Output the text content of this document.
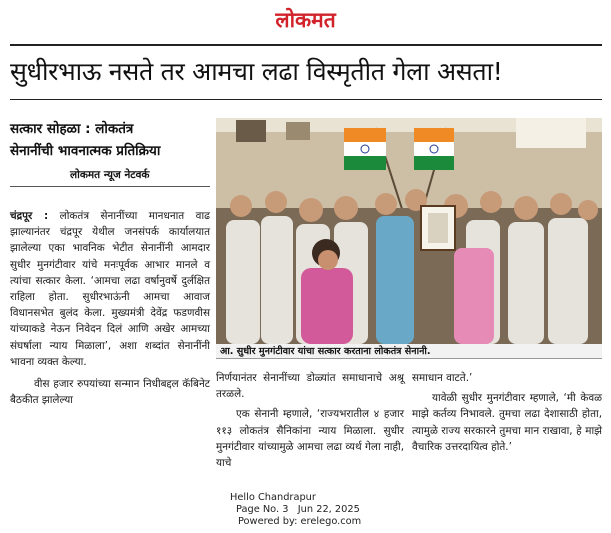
लोकमत
सुधीरभाऊ नसते तर आमचा लढा विस्मृतीत गेला असता!
सत्कार सोहळा : लोकतंत्र
सेनानींची भावनात्मक प्रतिक्रिया
लोकमत न्यूज नेटवर्क

चंद्रपूर : लोकतंत्र सेनानींच्या मानधनात वाढ झाल्यानंतर चंद्रपूर येथील जनसंपर्क कार्यालयात झालेल्या एका भावनिक भेटीत सेनानींनी आमदार सुधीर मुनगंटीवार यांचे मनःपूर्वक आभार मानले व त्यांचा सत्कार केला. ‘आमचा लढा वर्षानुवर्षे दुर्लक्षित राहिला होता. सुधीरभाऊंनी आमचा आवाज विधानसभेत बुलंद केला. मुख्यमंत्री देवेंद्र फडणवीस यांच्याकडे नेऊन निवेदन दिलं आणि अखेर आमच्या संघर्षाला न्याय मिळाला’, अशा शब्दांत सेनानींनी भावना व्यक्त केल्या.

वीस हजार रुपयांच्या सन्मान निधीबद्दल कॅबिनेट बैठकीत झालेल्या

आ. सुधीर मुनगंटीवार यांचा सत्कार करताना लोकतंत्र सेनानी.

निर्णयानंतर सेनानींच्या डोळ्यांत समाधानाचे अश्रू तरळले.

एक सेनानी म्हणाले, ‘राज्यभरातील ४ हजार ११३ लोकतंत्र सैनिकांना न्याय मिळाला. सुधीर मुनगंटीवार यांच्यामुळे आमचा लढा व्यर्थ गेला नाही, याचे

समाधान वाटते.’

यावेळी सुधीर मुनगंटीवार म्हणाले, ‘मी केवळ माझे कर्तव्य निभावले. तुमचा लढा देशासाठी होता, त्यामुळे राज्य सरकारने तुमचा मान राखावा, हे माझे वैचारिक उत्तरदायित्व होते.’

Hello Chandrapur
Page No. 3 Jun 22, 2025
Powered by: erelego.com
